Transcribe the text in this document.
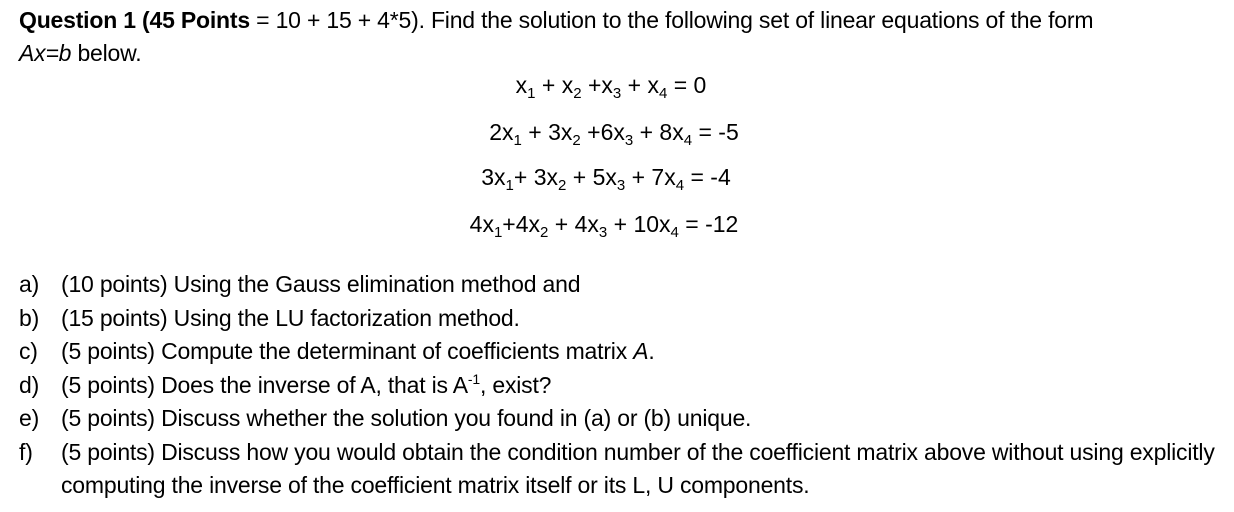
Question 1 (45 Points = 10 + 15 + 4*5). Find the solution to the following set of linear equations of the form
Ax=b below.
$x_1 + x_2 +x_3 + x_4 = 0$
$2x_1 + 3x_2 +6x_3 + 8x_4 = -5$
$3x_1+ 3x_2 + 5x_3 + 7x_4 = -4$
$4x_1+4x_2 + 4x_3 + 10x_4 = -12$
a) (10 points) Using the Gauss elimination method and
b) (15 points) Using the LU factorization method.
c) (5 points) Compute the determinant of coefficients matrix A.
d) (5 points) Does the inverse of A, that is $A^{-1}$, exist?
e) (5 points) Discuss whether the solution you found in (a) or (b) unique.
f) (5 points) Discuss how you would obtain the condition number of the coefficient matrix above without using explicitly computing the inverse of the coefficient matrix itself or its L, U components.
